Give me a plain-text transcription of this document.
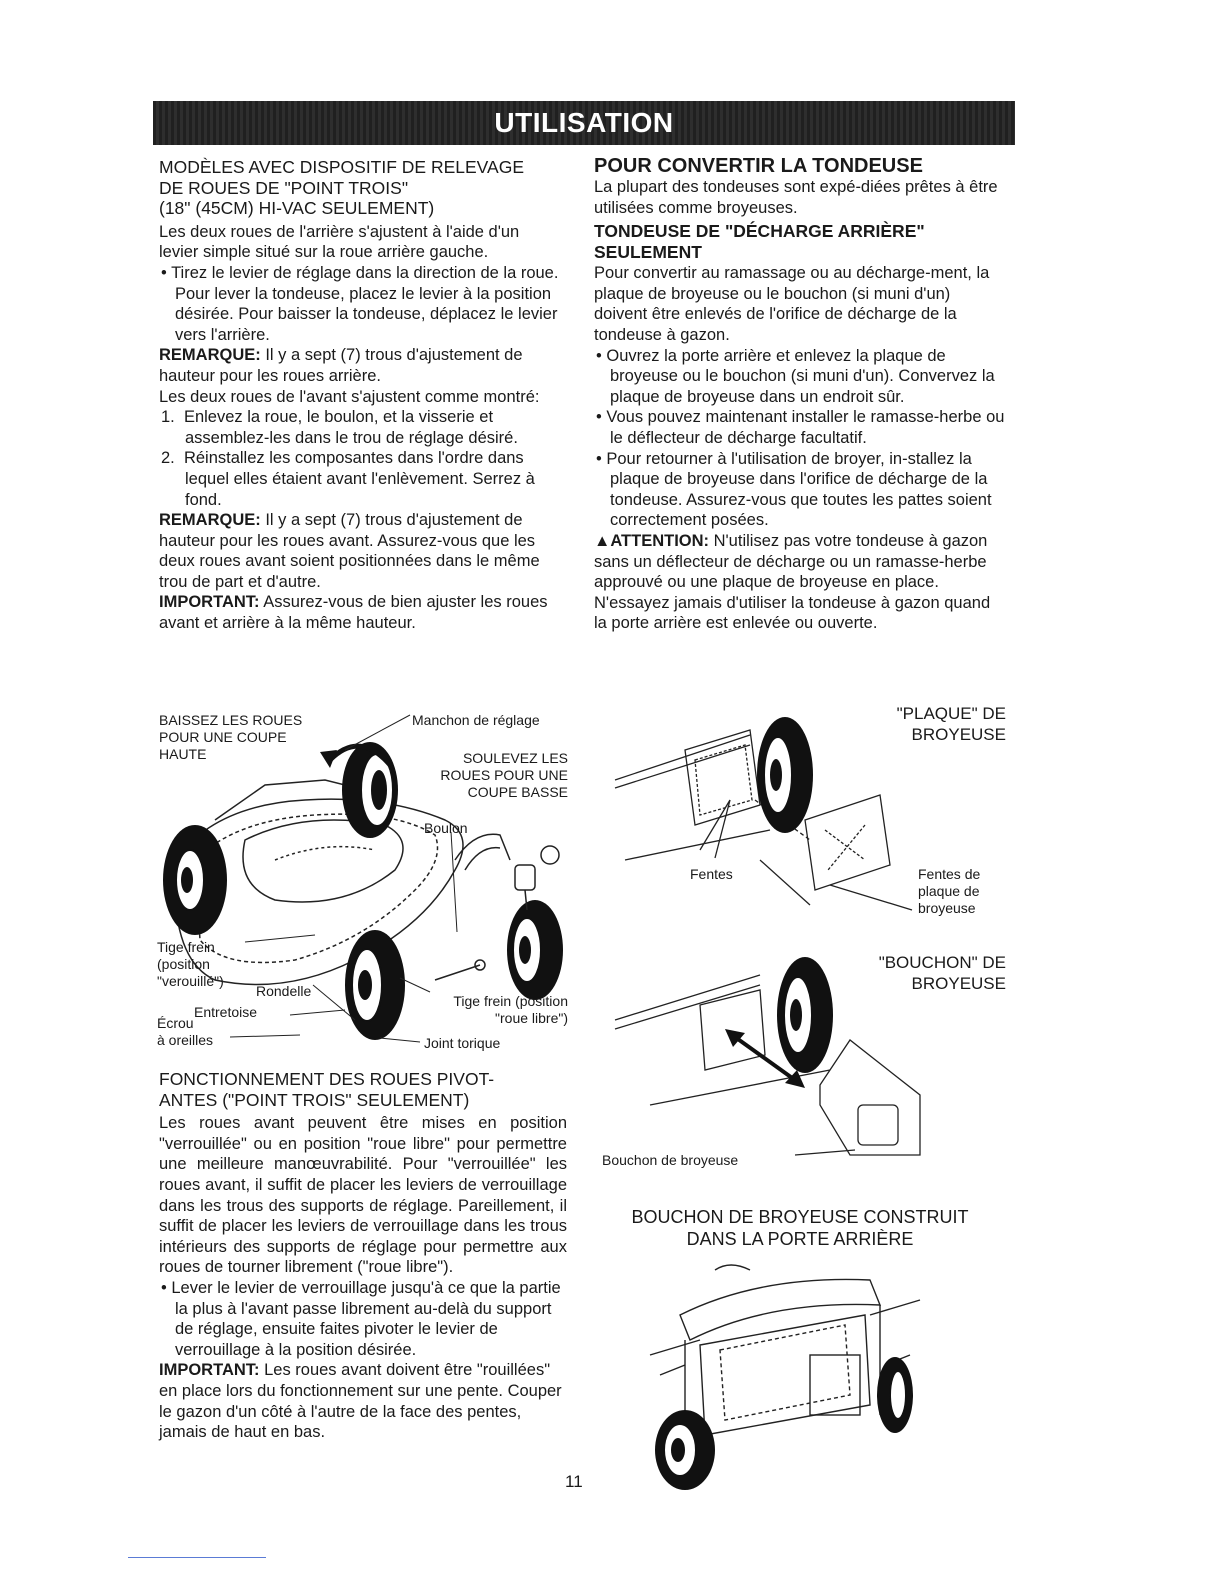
UTILISATION

MODÈLES AVEC DISPOSITIF DE RELEVAGE

DE ROUES DE "POINT TROIS"

(18" (45CM) HI-VAC SEULEMENT)

Les deux roues de l'arrière s'ajustent à l'aide d'un levier simple situé sur la roue arrière gauche.

• Tirez le levier de réglage dans la direction de la roue. Pour lever la tondeuse, placez le levier à la position désirée. Pour baisser la tondeuse, déplacez le levier vers l'arrière.

REMARQUE: Il y a sept (7) trous d'ajustement de hauteur pour les roues arrière.

Les deux roues de l'avant s'ajustent comme montré:

1. Enlevez la roue, le boulon, et la visserie et assemblez-les dans le trou de réglage désiré.

2. Réinstallez les composantes dans l'ordre dans lequel elles étaient avant l'enlèvement. Serrez à fond.

REMARQUE: Il y a sept (7) trous d'ajustement de hauteur pour les roues avant. Assurez-vous que les deux roues avant soient positionnées dans le même trou de part et d'autre.

IMPORTANT: Assurez-vous de bien ajuster les roues avant et arrière à la même hauteur.

BAISSEZ LES ROUES
POUR UNE COUPE
HAUTE
Manchon de réglage
SOULEVEZ LES
ROUES POUR UNE
COUPE BASSE
Boulon
Tige frein
(position
"verouillé")
Rondelle
Entretoise
Écrou
à oreilles
Tige frein (position
"roue libre")
Joint torique

FONCTIONNEMENT DES ROUES PIVOT-

ANTES ("POINT TROIS" SEULEMENT)

Les roues avant peuvent être mises en position "verrouillée" ou en position "roue libre" pour permettre une meilleure manœuvrabilité. Pour "verrouillée" les roues avant, il suffit de placer les leviers de verrouillage dans les trous des supports de réglage. Pareillement, il suffit de placer les leviers de verrouillage dans les trous intérieurs des supports de réglage pour permettre aux roues de tourner librement ("roue libre").

• Lever le levier de verrouillage jusqu'à ce que la partie la plus à l'avant passe librement au-delà du support de réglage, ensuite faites pivoter le levier de verrouillage à la position désirée.

IMPORTANT: Les roues avant doivent être "rouillées" en place lors du fonctionnement sur une pente. Couper le gazon d'un côté à l'autre de la face des pentes, jamais de haut en bas.

POUR CONVERTIR LA TONDEUSE

La plupart des tondeuses sont expé-diées prêtes à être utilisées comme broyeuses.

TONDEUSE DE "DÉCHARGE ARRIÈRE" SEULEMENT

Pour convertir au ramassage ou au décharge-ment, la plaque de broyeuse ou le bouchon (si muni d'un) doivent être enlevés de l'orifice de décharge de la tondeuse à gazon.

• Ouvrez la porte arrière et enlevez la plaque de broyeuse ou le bouchon (si muni d'un). Convervez la plaque de broyeuse dans un endroit sûr.

• Vous pouvez maintenant installer le ramasse-herbe ou le déflecteur de décharge facultatif.

• Pour retourner à l'utilisation de broyer, in-stallez la plaque de broyeuse dans l'orifice de décharge de la tondeuse. Assurez-vous que toutes les pattes soient correctement posées.

▲ATTENTION: N'utilisez pas votre tondeuse à gazon sans un déflecteur de décharge ou un ramasse-herbe approuvé ou une plaque de broyeuse en place. N'essayez jamais d'utiliser la tondeuse à gazon quand la porte arrière est enlevée ou ouverte.

"PLAQUE" DE
BROYEUSE
Fentes	Fentes de
plaque de
broyeuse
"BOUCHON" DE
BROYEUSE
Bouchon de broyeuse
BOUCHON DE BROYEUSE CONSTRUIT
DANS LA PORTE ARRIÈRE
11
